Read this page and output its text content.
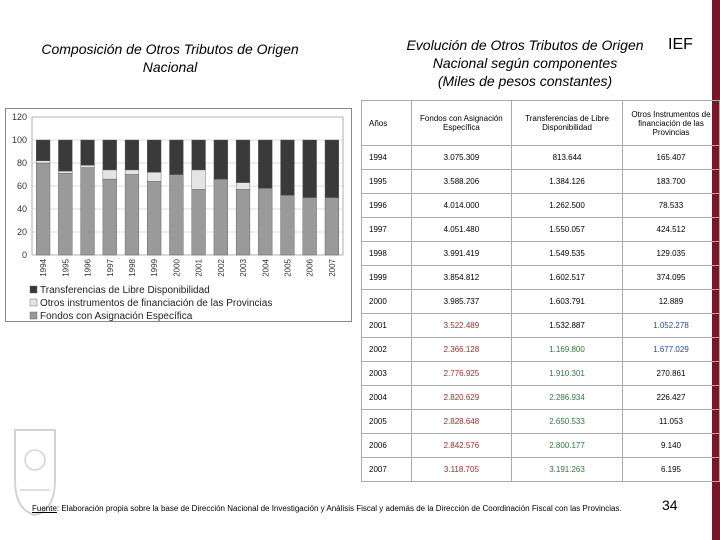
IEF
Composición de Otros Tributos de Origen
Nacional
Evolución de Otros Tributos de Origen
Nacional según componentes
(Miles de pesos constantes)
0
20
40
60
80
100
120
1994 1995 1996 1997 1998 1999 2000 2001 2002 2003 2004 2005 2006 2007
Transferencias de Libre Disponibilidad
Otros instrumentos de financiación de las Provincias
Fondos con Asignación Específica
Años	Fondos con Asignación Específica	Transferencias de Libre Disponibilidad	Otros Instrumentos de financiación de las Provincias
1994	3.075.309	813.644	165.407
1995	3.588.206	1.384.126	183.700
1996	4.014.000	1.262.500	78.533
1997	4.051.480	1.550.057	424.512
1998	3.991.419	1.549.535	129.035
1999	3.854.812	1.602.517	374.095
2000	3.985.737	1.603.791	12.889
2001	3.522.489	1.532.887	1.052.278
2002	2.366.128	1.169.800	1.677.029
2003	2.776.925	1.910.301	270.861
2004	2.820.629	2.286.934	226.427
2005	2.828.648	2.650.533	11.053
2006	2.842.576	2.800.177	9.140
2007	3.118.705	3.191.263	6.195
Fuente: Elaboración propia sobre la base de Dirección Nacional de Investigación y Análisis Fiscal y además de la Dirección de Coordinación Fiscal con las Provincias.	34
